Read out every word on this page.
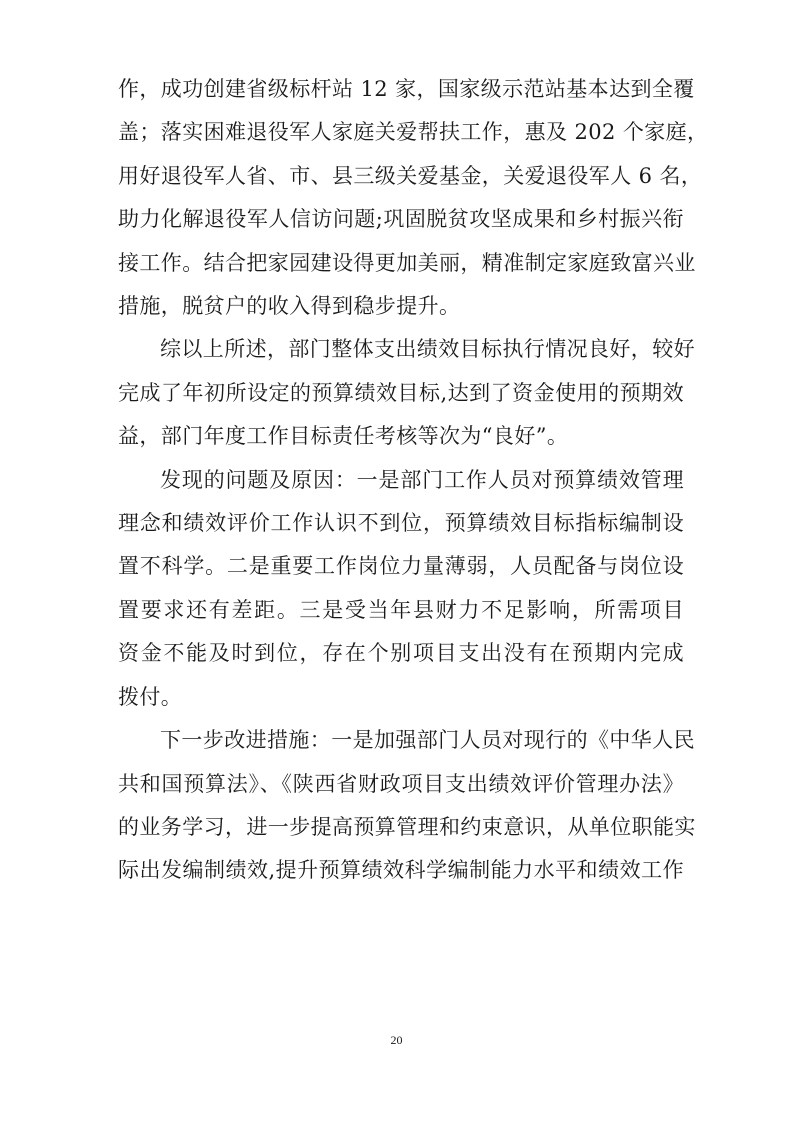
作，成功创建省级标杆站 12 家，国家级示范站基本达到全覆
盖；落实困难退役军人家庭关爱帮扶工作，惠及 202 个家庭，
用好退役军人省、市、县三级关爱基金，关爱退役军人 6 名，
助力化解退役军人信访问题;巩固脱贫攻坚成果和乡村振兴衔
接工作。结合把家园建设得更加美丽，精准制定家庭致富兴业
措施，脱贫户的收入得到稳步提升。

综以上所述，部门整体支出绩效目标执行情况良好，较好
完成了年初所设定的预算绩效目标,达到了资金使用的预期效
益，部门年度工作目标责任考核等次为“良好”。

发现的问题及原因：一是部门工作人员对预算绩效管理
理念和绩效评价工作认识不到位，预算绩效目标指标编制设
置不科学。二是重要工作岗位力量薄弱，人员配备与岗位设
置要求还有差距。三是受当年县财力不足影响，所需项目
资金不能及时到位，存在个别项目支出没有在预期内完成
拨付。

下一步改进措施：一是加强部门人员对现行的《中华人民
共和国预算法》、《陕西省财政项目支出绩效评价管理办法》
的业务学习，进一步提高预算管理和约束意识，从单位职能实
际出发编制绩效,提升预算绩效科学编制能力水平和绩效工作

20
